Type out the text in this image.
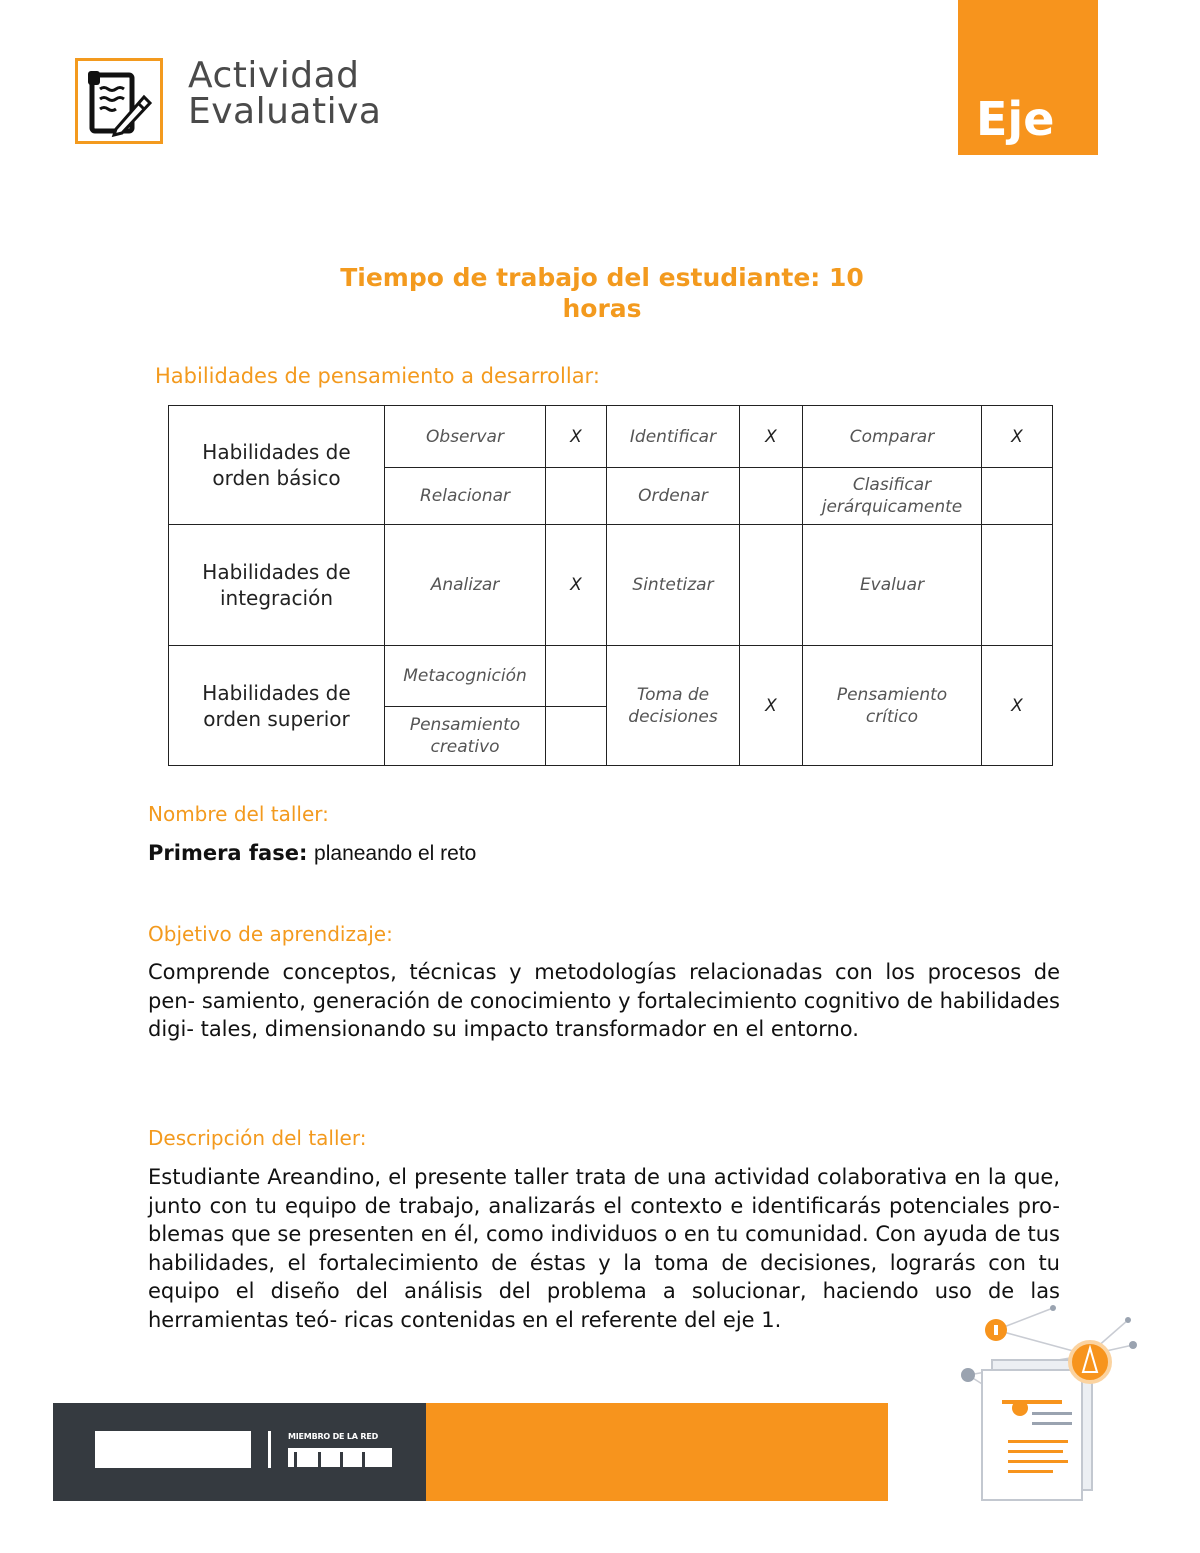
Actividad
Evaluativa	Eje
Tiempo de trabajo del estudiante: 10
horas
Habilidades de pensamiento a desarrollar:
Habilidades de
orden básico	Observar	X	Identificar	X	Comparar	X
	Relacionar		Ordenar		Clasificar jerárquicamente	

Habilidades de
integración	Analizar	X	Sintetizar		Evaluar	

Habilidades de
orden superior	Metacognición		Toma de decisiones	X	Pensamiento crítico	X
	Pensamiento creativo					
Nombre del taller:
Primera fase: planeando el reto
Objetivo de aprendizaje:
Comprende conceptos, técnicas y metodologías relacionadas con los procesos de pen- samiento, generación de conocimiento y fortalecimiento cognitivo de habilidades digi- tales, dimensionando su impacto transformador en el entorno.
Descripción del taller:
Estudiante Areandino, el presente taller trata de una actividad colaborativa en la que, junto con tu equipo de trabajo, analizarás el contexto e identificarás potenciales pro- blemas que se presenten en él, como individuos o en tu comunidad. Con ayuda de tus habilidades, el fortalecimiento de éstas y la toma de decisiones, lograrás con tu equipo el diseño del análisis del problema a solucionar, haciendo uso de las herramientas teó- ricas contenidas en el referente del eje 1.
MIEMBRO DE LA RED
